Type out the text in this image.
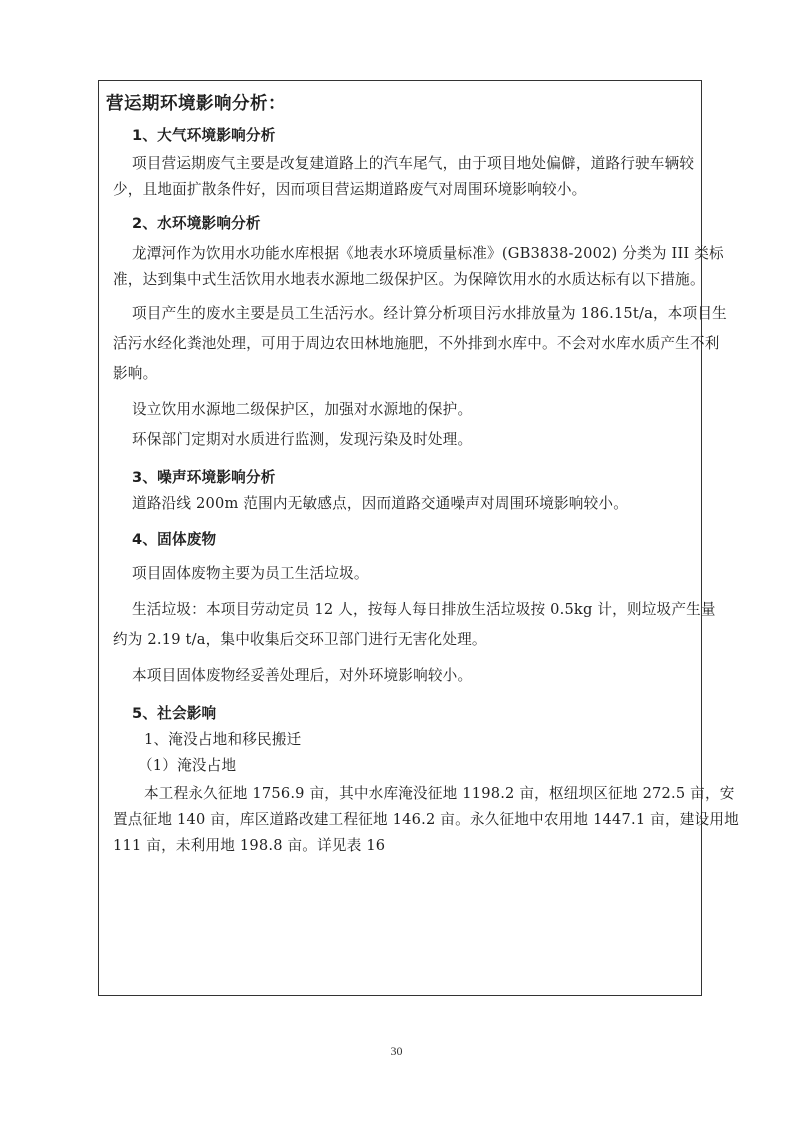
营运期环境影响分析：
1、大气环境影响分析
项目营运期废气主要是改复建道路上的汽车尾气，由于项目地处偏僻，道路行驶车辆较
少，且地面扩散条件好，因而项目营运期道路废气对周围环境影响较小。
2、水环境影响分析
龙潭河作为饮用水功能水库根据《地表水环境质量标准》(GB3838-2002) 分类为 III 类标
准，达到集中式生活饮用水地表水源地二级保护区。为保障饮用水的水质达标有以下措施。
项目产生的废水主要是员工生活污水。经计算分析项目污水排放量为 186.15t/a，本项目生
活污水经化粪池处理，可用于周边农田林地施肥，不外排到水库中。不会对水库水质产生不利
影响。
设立饮用水源地二级保护区，加强对水源地的保护。
环保部门定期对水质进行监测，发现污染及时处理。
3、噪声环境影响分析
道路沿线 200m 范围内无敏感点，因而道路交通噪声对周围环境影响较小。
4、固体废物
项目固体废物主要为员工生活垃圾。
生活垃圾：本项目劳动定员 12 人，按每人每日排放生活垃圾按 0.5kg 计，则垃圾产生量
约为 2.19 t/a，集中收集后交环卫部门进行无害化处理。
本项目固体废物经妥善处理后，对外环境影响较小。
5、社会影响
1、淹没占地和移民搬迁
（1）淹没占地
本工程永久征地 1756.9 亩，其中水库淹没征地 1198.2 亩，枢纽坝区征地 272.5 亩，安
置点征地 140 亩，库区道路改建工程征地 146.2 亩。永久征地中农用地 1447.1 亩，建设用地
111 亩，未利用地 198.8 亩。详见表 16
30
